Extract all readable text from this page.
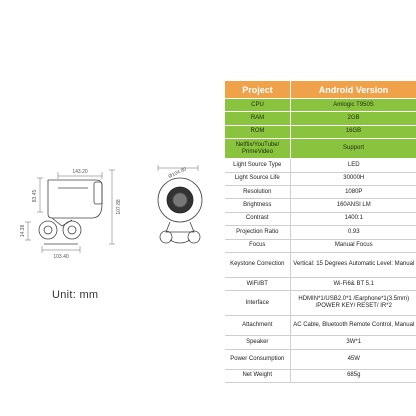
143.20
103.40
83.45
14.38
107.88
Ø104.80
Unit: mm
Project	Android Version
CPU	Amlogic T950S
RAM	2GB
ROM	16GB
Netflix/YouTube/ PrimeVideo	Support
Light Source Type	LED
Light Source Life	30000H
Resolution	1080P
Brightness	160ANSI LM
Contrast	1400:1
Projection Ratio	0.93
Focus	Manual Focus
Keystone Correction	Vertical: 15 Degrees Automatic Level: Manual
WiFi/BT	Wi-Fi6& BT 5.1
Interface	HDMIN*1/USB2.0*1 /Earphone*1(3.5mm) /POWER KEY/ RESET/ IR*2
Attachment	AC Cable, Bluetooth Remote Control, Manual
Speaker	3W*1
Power Consumption	45W
Net Weight	685g
